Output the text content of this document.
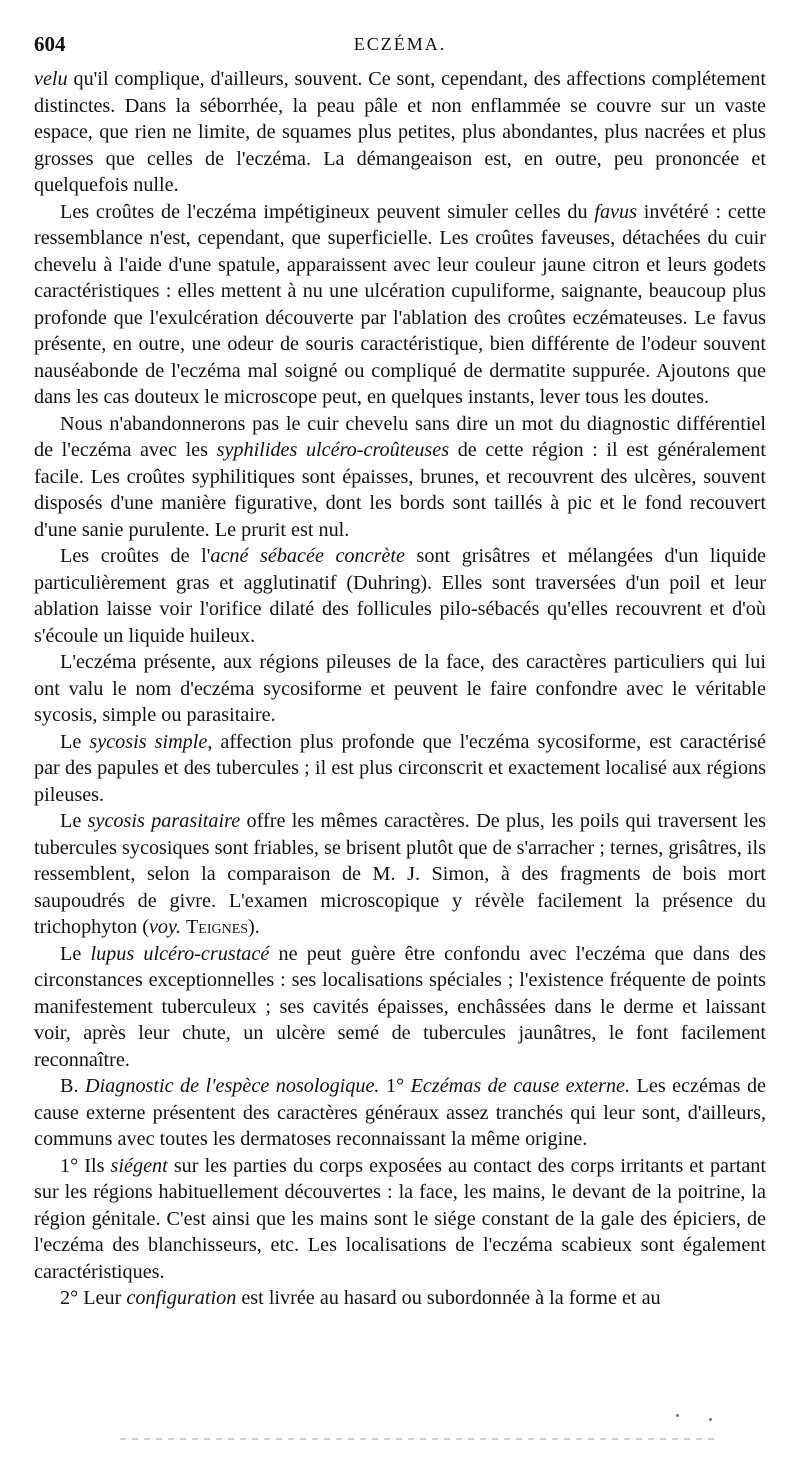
604	ECZÉMA.

velu qu'il complique, d'ailleurs, souvent. Ce sont, cependant, des affections complétement distinctes. Dans la séborrhée, la peau pâle et non enflammée se couvre sur un vaste espace, que rien ne limite, de squames plus petites, plus abondantes, plus nacrées et plus grosses que celles de l'eczéma. La démangeaison est, en outre, peu prononcée et quelquefois nulle.

Les croûtes de l'eczéma impétigineux peuvent simuler celles du favus invétéré : cette ressemblance n'est, cependant, que superficielle. Les croûtes faveuses, détachées du cuir chevelu à l'aide d'une spatule, apparaissent avec leur couleur jaune citron et leurs godets caractéristiques : elles mettent à nu une ulcération cupuliforme, saignante, beaucoup plus profonde que l'exulcération découverte par l'ablation des croûtes eczémateuses. Le favus présente, en outre, une odeur de souris caractéristique, bien différente de l'odeur souvent nauséabonde de l'eczéma mal soigné ou compliqué de dermatite suppurée. Ajoutons que dans les cas douteux le microscope peut, en quelques instants, lever tous les doutes.

Nous n'abandonnerons pas le cuir chevelu sans dire un mot du diagnostic différentiel de l'eczéma avec les syphilides ulcéro-croûteuses de cette région : il est généralement facile. Les croûtes syphilitiques sont épaisses, brunes, et recouvrent des ulcères, souvent disposés d'une manière figurative, dont les bords sont taillés à pic et le fond recouvert d'une sanie purulente. Le prurit est nul.

Les croûtes de l'acné sébacée concrète sont grisâtres et mélangées d'un liquide particulièrement gras et agglutinatif (Duhring). Elles sont traversées d'un poil et leur ablation laisse voir l'orifice dilaté des follicules pilo-sébacés qu'elles recouvrent et d'où s'écoule un liquide huileux.

L'eczéma présente, aux régions pileuses de la face, des caractères particuliers qui lui ont valu le nom d'eczéma sycosiforme et peuvent le faire confondre avec le véritable sycosis, simple ou parasitaire.

Le sycosis simple, affection plus profonde que l'eczéma sycosiforme, est caractérisé par des papules et des tubercules ; il est plus circonscrit et exactement localisé aux régions pileuses.

Le sycosis parasitaire offre les mêmes caractères. De plus, les poils qui traversent les tubercules sycosiques sont friables, se brisent plutôt que de s'arracher ; ternes, grisâtres, ils ressemblent, selon la comparaison de M. J. Simon, à des fragments de bois mort saupoudrés de givre. L'examen microscopique y révèle facilement la présence du trichophyton (voy. Teignes).

Le lupus ulcéro-crustacé ne peut guère être confondu avec l'eczéma que dans des circonstances exceptionnelles : ses localisations spéciales ; l'existence fréquente de points manifestement tuberculeux ; ses cavités épaisses, enchâssées dans le derme et laissant voir, après leur chute, un ulcère semé de tubercules jaunâtres, le font facilement reconnaître.

B. Diagnostic de l'espèce nosologique. 1° Eczémas de cause externe. Les eczémas de cause externe présentent des caractères généraux assez tranchés qui leur sont, d'ailleurs, communs avec toutes les dermatoses reconnaissant la même origine.

1° Ils siégent sur les parties du corps exposées au contact des corps irritants et partant sur les régions habituellement découvertes : la face, les mains, le devant de la poitrine, la région génitale. C'est ainsi que les mains sont le siége constant de la gale des épiciers, de l'eczéma des blanchisseurs, etc. Les localisations de l'eczéma scabieux sont également caractéristiques.

2° Leur configuration est livrée au hasard ou subordonnée à la forme et au
